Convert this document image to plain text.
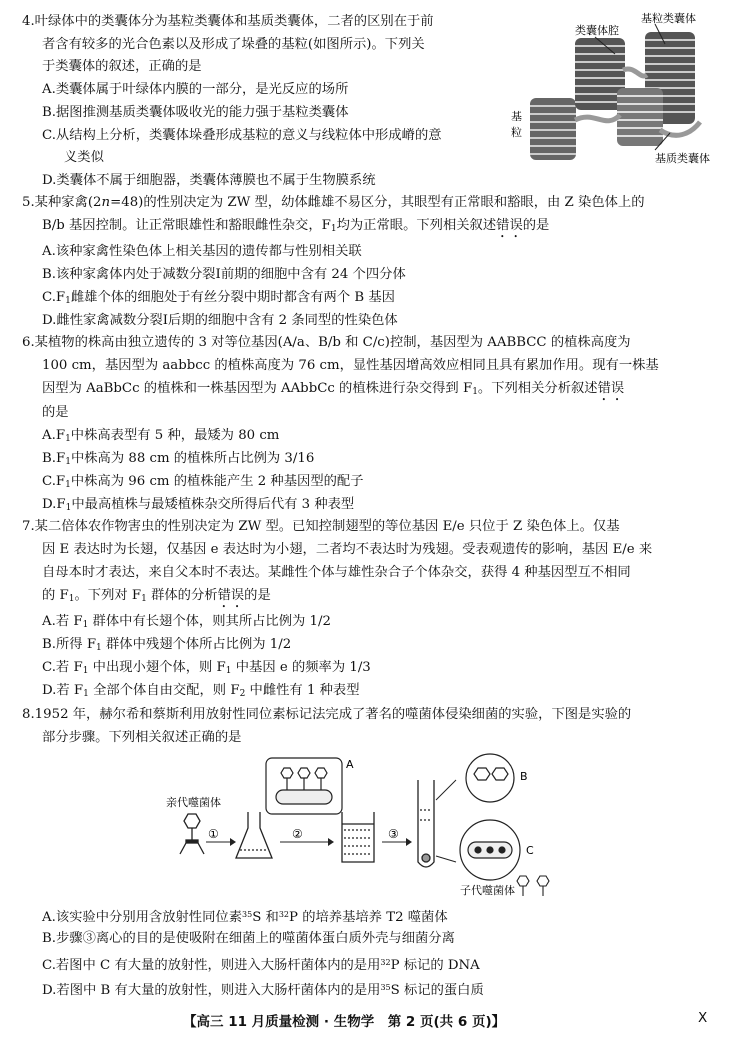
4.叶绿体中的类囊体分为基粒类囊体和基质类囊体，二者的区别在于前
者含有较多的光合色素以及形成了垛叠的基粒(如图所示)。下列关
于类囊体的叙述，正确的是
A.类囊体属于叶绿体内膜的一部分，是光反应的场所
B.据图推测基质类囊体吸收光的能力强于基粒类囊体
C.从结构上分析，类囊体垛叠形成基粒的意义与线粒体中形成嵴的意
义类似
D.类囊体不属于细胞器，类囊体薄膜也不属于生物膜系统
类囊体腔
基粒类囊体
基
粒
基质类囊体
5.某种家禽(2n=48)的性别决定为 ZW 型，幼体雌雄不易区分，其眼型有正常眼和豁眼，由 Z 染色体上的
B/b 基因控制。让正常眼雄性和豁眼雌性杂交，$F_1$均为正常眼。下列相关叙述错误的是
A.该种家禽性染色体上相关基因的遗传都与性别相关联
B.该种家禽体内处于减数分裂Ⅰ前期的细胞中含有 24 个四分体
$C.F_1$雌雄个体的细胞处于有丝分裂中期时都含有两个 B 基因
D.雌性家禽减数分裂Ⅰ后期的细胞中含有 2 条同型的性染色体
6.某植物的株高由独立遗传的 3 对等位基因(A/a、B/b 和 C/c)控制，基因型为 AABBCC 的植株高度为
100 cm，基因型为 aabbcc 的植株高度为 76 cm，显性基因增高效应相同且具有累加作用。现有一株基
因型为 AaBbCc 的植株和一株基因型为 AAbbCc 的植株进行杂交得到 $F_1$。下列相关分析叙述错误
的是
$A.F_1$中株高表型有 5 种，最矮为 80 cm
$B.F_1$中株高为 88 cm 的植株所占比例为 3/16
$C.F_1$中株高为 96 cm 的植株能产生 2 种基因型的配子
$D.F_1$中最高植株与最矮植株杂交所得后代有 3 种表型
7.某二倍体农作物害虫的性别决定为 ZW 型。已知控制翅型的等位基因 E/e 只位于 Z 染色体上。仅基
因 E 表达时为长翅，仅基因 e 表达时为小翅，二者均不表达时为残翅。受表观遗传的影响，基因 E/e 来
自母本时才表达，来自父本时不表达。某雌性个体与雄性杂合子个体杂交，获得 4 种基因型互不相同
的 $F_1$。下列对 $F_1$ 群体的分析错误的是
A.若 $F_1$ 群体中有长翅个体，则其所占比例为 1/2
B.所得 $F_1$ 群体中残翅个体所占比例为 1/2
C.若 $F_1$ 中出现小翅个体，则 $F_1$ 中基因 e 的频率为 1/3
D.若 $F_1$ 全部个体自由交配，则 $F_2$ 中雌性有 1 种表型
8.1952 年，赫尔希和蔡斯利用放射性同位素标记法完成了著名的噬菌体侵染细菌的实验，下图是实验的
部分步骤。下列相关叙述正确的是
亲代噬菌体
①	②
A
③
B
C
子代噬菌体
A.该实验中分别用含放射性同位素$^{35}$S 和$^{32}$P 的培养基培养 T2 噬菌体
B.步骤③离心的目的是使吸附在细菌上的噬菌体蛋白质外壳与细菌分离
C.若图中 C 有大量的放射性，则进入大肠杆菌体内的是用$^{32}$P 标记的 DNA
D.若图中 B 有大量的放射性，则进入大肠杆菌体内的是用$^{35}$S 标记的蛋白质
【高三 11 月质量检测 · 生物学　第 2 页(共 6 页)】	X
